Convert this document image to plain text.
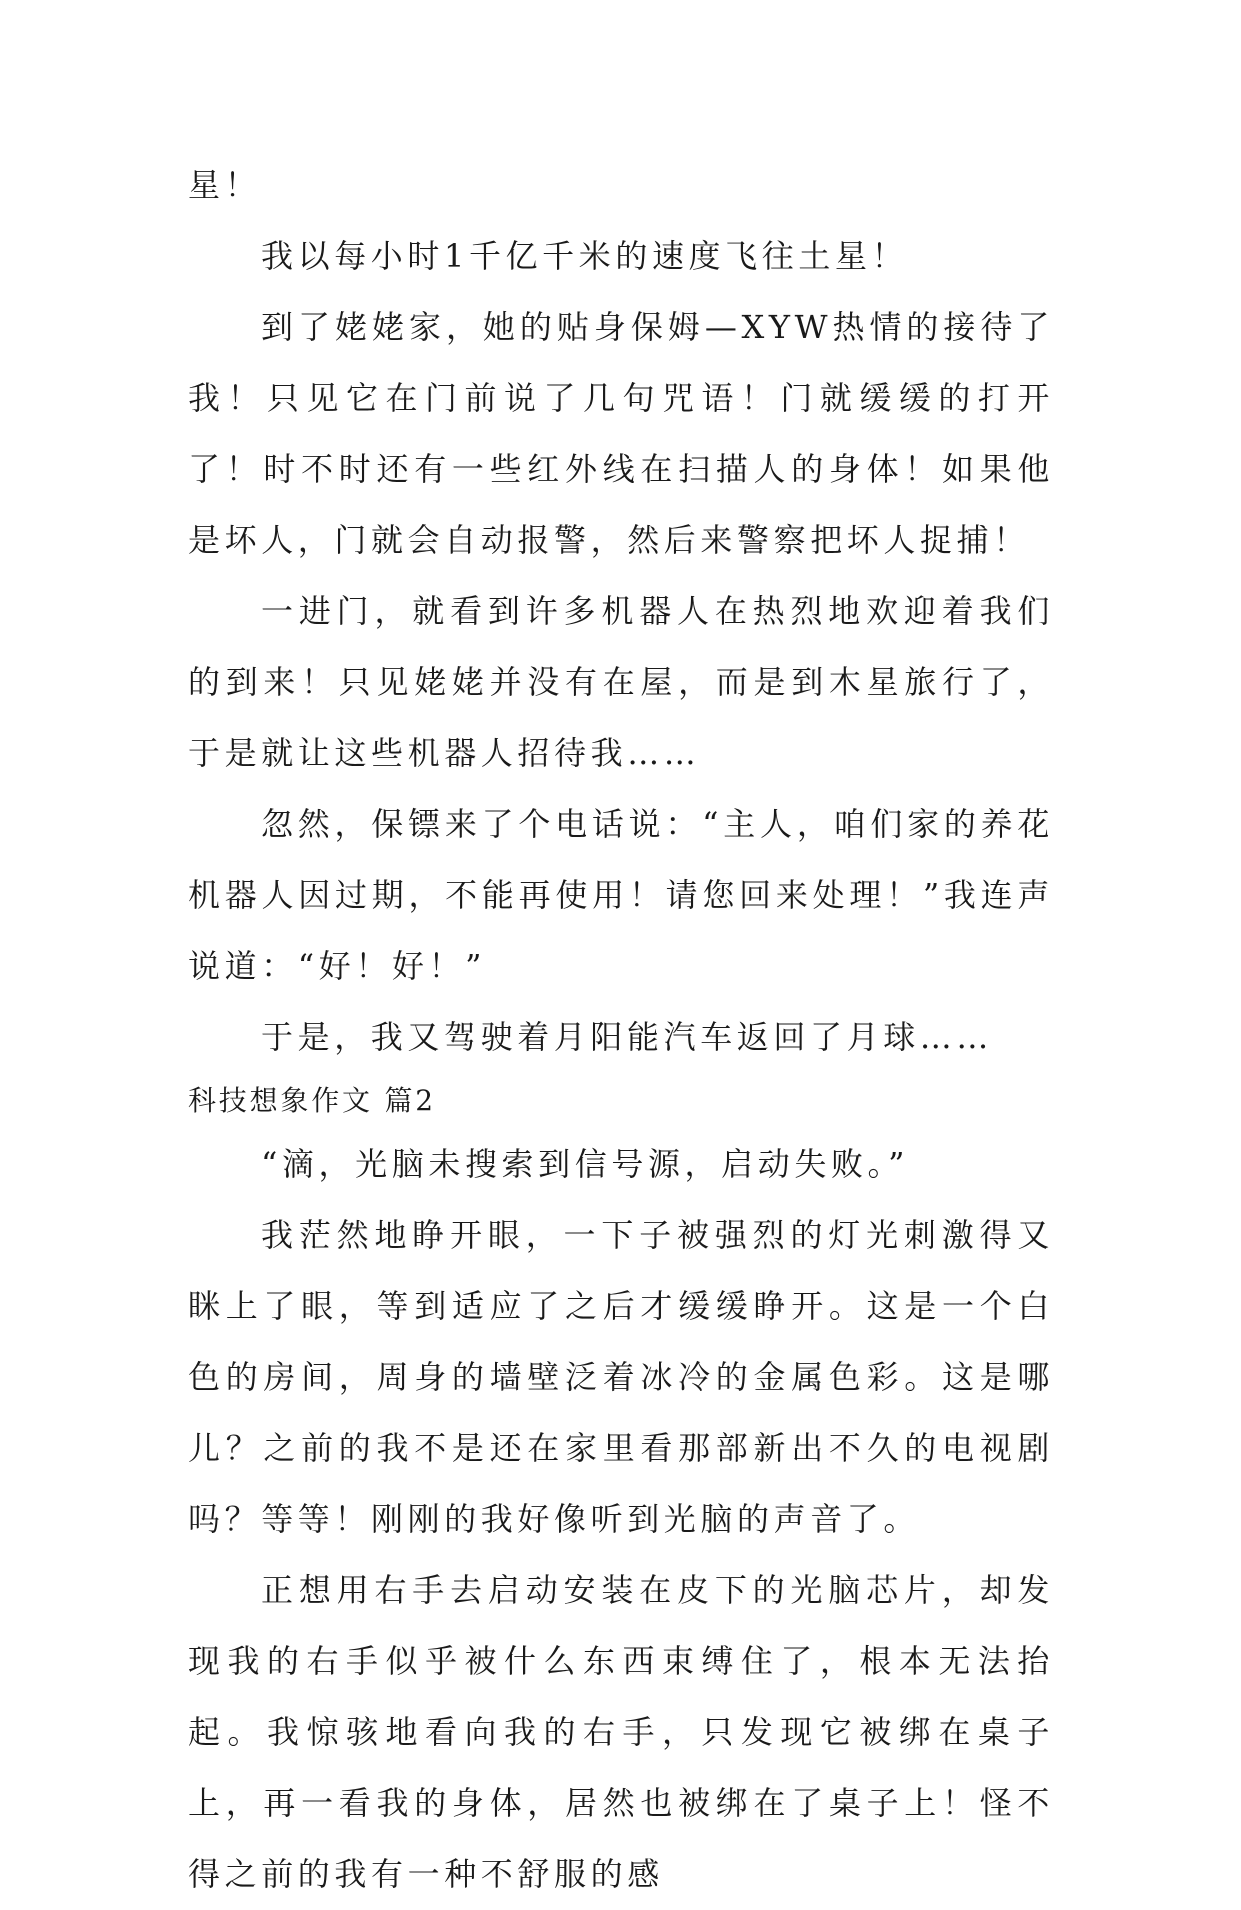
星！

我以每小时1千亿千米的速度飞往土星！

到了姥姥家，她的贴身保姆—XYW热情的接待了我！只见它在门前说了几句咒语！门就缓缓的打开了！时不时还有一些红外线在扫描人的身体！如果他是坏人，门就会自动报警，然后来警察把坏人捉捕！

一进门，就看到许多机器人在热烈地欢迎着我们的到来！只见姥姥并没有在屋，而是到木星旅行了，于是就让这些机器人招待我……

忽然，保镖来了个电话说：“主人，咱们家的养花机器人因过期，不能再使用！请您回来处理！”我连声说道：“好！好！”

于是，我又驾驶着月阳能汽车返回了月球……

科技想象作文 篇2

“滴，光脑未搜索到信号源，启动失败。”

我茫然地睁开眼，一下子被强烈的灯光刺激得又眯上了眼，等到适应了之后才缓缓睁开。这是一个白色的房间，周身的墙壁泛着冰冷的金属色彩。这是哪儿？之前的我不是还在家里看那部新出不久的电视剧吗？等等！刚刚的我好像听到光脑的声音了。

正想用右手去启动安装在皮下的光脑芯片，却发现我的右手似乎被什么东西束缚住了，根本无法抬起。我惊骇地看向我的右手，只发现它被绑在桌子上，再一看我的身体，居然也被绑在了桌子上！怪不得之前的我有一种不舒服的感
